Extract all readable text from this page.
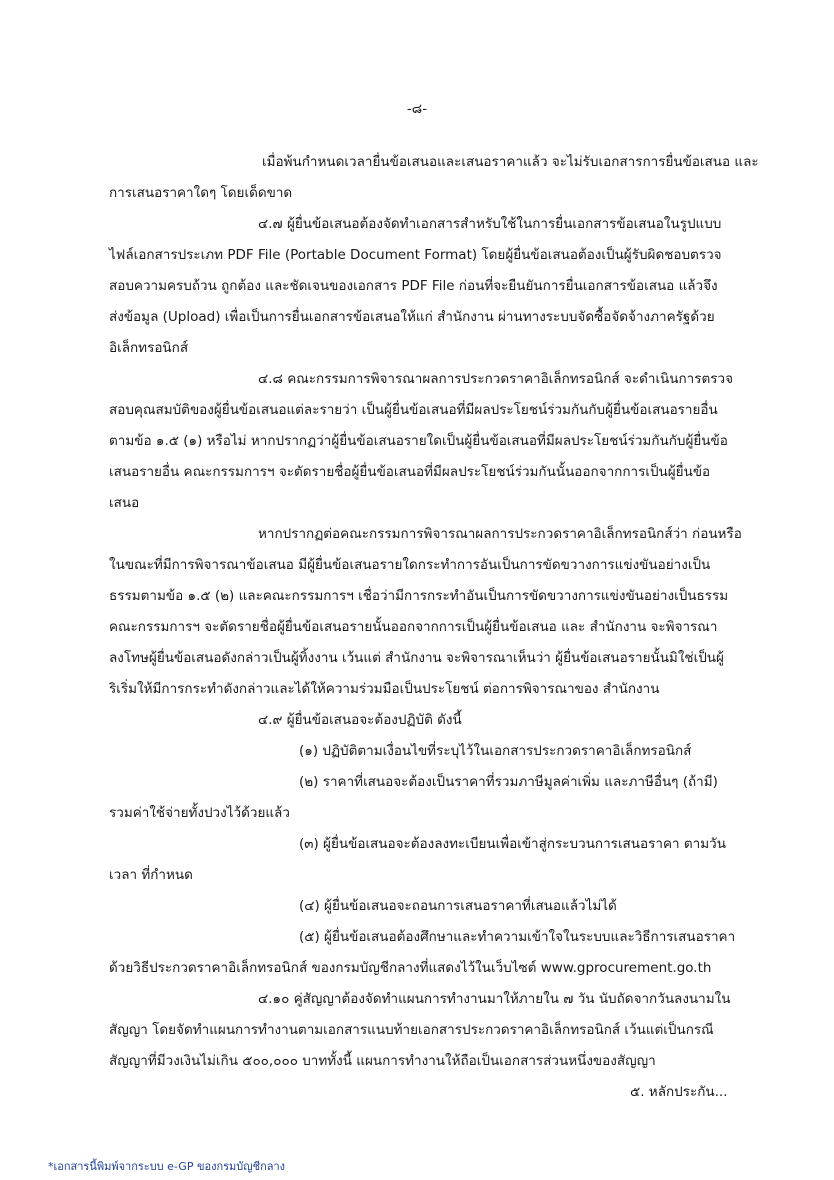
-๘-
เมื่อพ้นกำหนดเวลายื่นข้อเสนอและเสนอราคาแล้ว จะไม่รับเอกสารการยื่นข้อเสนอ และ
การเสนอราคาใดๆ โดยเด็ดขาด
๔.๗ ผู้ยื่นข้อเสนอต้องจัดทำเอกสารสำหรับใช้ในการยื่นเอกสารข้อเสนอในรูปแบบ
ไฟล์เอกสารประเภท PDF File (Portable Document Format) โดยผู้ยื่นข้อเสนอต้องเป็นผู้รับผิดชอบตรวจ
สอบความครบถ้วน ถูกต้อง และชัดเจนของเอกสาร PDF File ก่อนที่จะยืนยันการยื่นเอกสารข้อเสนอ แล้วจึง
ส่งข้อมูล (Upload) เพื่อเป็นการยื่นเอกสารข้อเสนอให้แก่ สำนักงาน ผ่านทางระบบจัดซื้อจัดจ้างภาครัฐด้วย
อิเล็กทรอนิกส์
๔.๘ คณะกรรมการพิจารณาผลการประกวดราคาอิเล็กทรอนิกส์ จะดำเนินการตรวจ
สอบคุณสมบัติของผู้ยื่นข้อเสนอแต่ละรายว่า เป็นผู้ยื่นข้อเสนอที่มีผลประโยชน์ร่วมกันกับผู้ยื่นข้อเสนอรายอื่น
ตามข้อ ๑.๕ (๑) หรือไม่ หากปรากฏว่าผู้ยื่นข้อเสนอรายใดเป็นผู้ยื่นข้อเสนอที่มีผลประโยชน์ร่วมกันกับผู้ยื่นข้อ
เสนอรายอื่น คณะกรรมการฯ จะตัดรายชื่อผู้ยื่นข้อเสนอที่มีผลประโยชน์ร่วมกันนั้นออกจากการเป็นผู้ยื่นข้อ
เสนอ
หากปรากฏต่อคณะกรรมการพิจารณาผลการประกวดราคาอิเล็กทรอนิกส์ว่า ก่อนหรือ
ในขณะที่มีการพิจารณาข้อเสนอ มีผู้ยื่นข้อเสนอรายใดกระทำการอันเป็นการขัดขวางการแข่งขันอย่างเป็น
ธรรมตามข้อ ๑.๕ (๒) และคณะกรรมการฯ เชื่อว่ามีการกระทำอันเป็นการขัดขวางการแข่งขันอย่างเป็นธรรม
คณะกรรมการฯ จะตัดรายชื่อผู้ยื่นข้อเสนอรายนั้นออกจากการเป็นผู้ยื่นข้อเสนอ และ สำนักงาน จะพิจารณา
ลงโทษผู้ยื่นข้อเสนอดังกล่าวเป็นผู้ทิ้งงาน เว้นแต่ สำนักงาน จะพิจารณาเห็นว่า ผู้ยื่นข้อเสนอรายนั้นมิใช่เป็นผู้
ริเริ่มให้มีการกระทำดังกล่าวและได้ให้ความร่วมมือเป็นประโยชน์ ต่อการพิจารณาของ สำนักงาน
๔.๙ ผู้ยื่นข้อเสนอจะต้องปฏิบัติ ดังนี้
(๑) ปฏิบัติตามเงื่อนไขที่ระบุไว้ในเอกสารประกวดราคาอิเล็กทรอนิกส์
(๒) ราคาที่เสนอจะต้องเป็นราคาที่รวมภาษีมูลค่าเพิ่ม และภาษีอื่นๆ (ถ้ามี)
รวมค่าใช้จ่ายทั้งปวงไว้ด้วยแล้ว
(๓) ผู้ยื่นข้อเสนอจะต้องลงทะเบียนเพื่อเข้าสู่กระบวนการเสนอราคา ตามวัน
เวลา ที่กำหนด
(๔) ผู้ยื่นข้อเสนอจะถอนการเสนอราคาที่เสนอแล้วไม่ได้
(๕) ผู้ยื่นข้อเสนอต้องศึกษาและทำความเข้าใจในระบบและวิธีการเสนอราคา
ด้วยวิธีประกวดราคาอิเล็กทรอนิกส์ ของกรมบัญชีกลางที่แสดงไว้ในเว็บไซต์ www.gprocurement.go.th
๔.๑๐ คู่สัญญาต้องจัดทำแผนการทำงานมาให้ภายใน ๗ วัน นับถัดจากวันลงนามใน
สัญญา โดยจัดทำแผนการทำงานตามเอกสารแนบท้ายเอกสารประกวดราคาอิเล็กทรอนิกส์ เว้นแต่เป็นกรณี
สัญญาที่มีวงเงินไม่เกิน ๕๐๐,๐๐๐ บาททั้งนี้ แผนการทำงานให้ถือเป็นเอกสารส่วนหนึ่งของสัญญา
๕. หลักประกัน...
*เอกสารนี้พิมพ์จากระบบ e-GP ของกรมบัญชีกลาง
